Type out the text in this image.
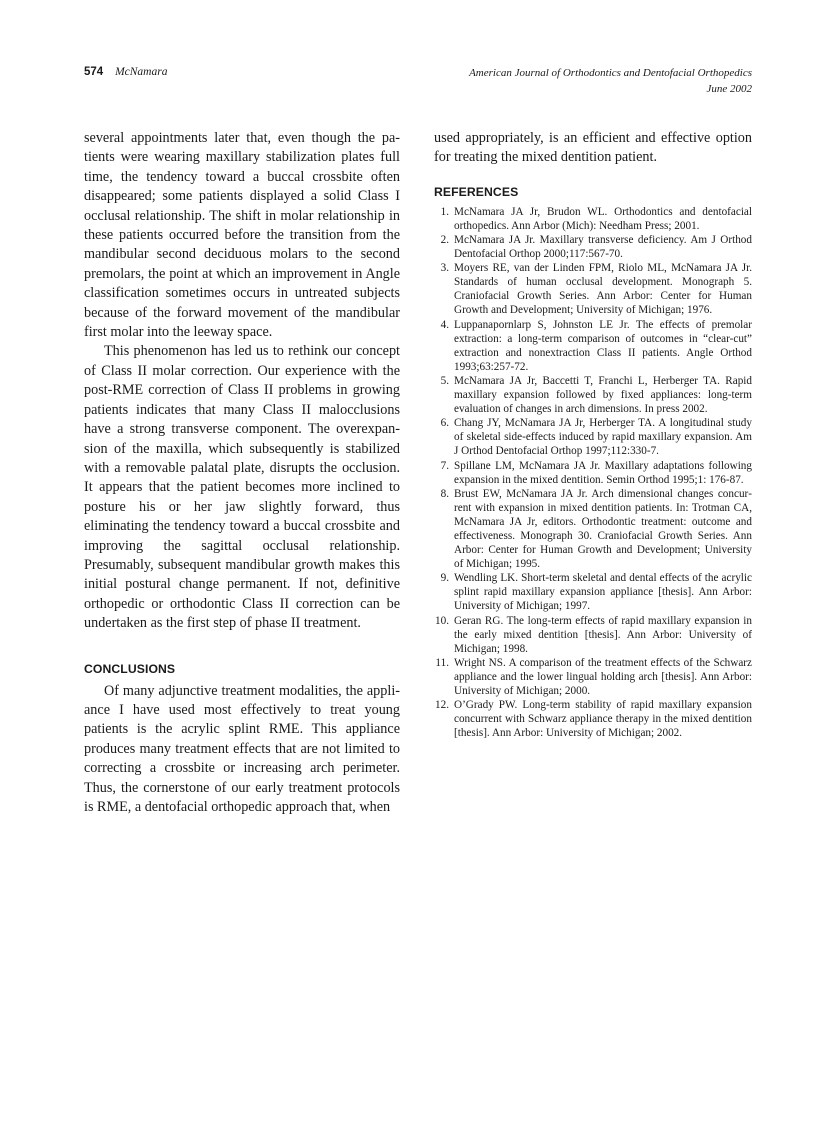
574 McNamara	American Journal of Orthodontics and Dentofacial Orthopedics
June 2002

several appointments later that, even though the patients were wearing maxillary stabilization plates full time, the tendency toward a buccal crossbite often disappeared; some patients displayed a solid Class I occlusal relationship. The shift in molar relationship in these patients occurred before the transition from the mandibular second deciduous molars to the second premolars, the point at which an improvement in Angle classification sometimes occurs in untreated subjects because of the forward movement of the mandibular first molar into the leeway space.

This phenomenon has led us to rethink our concept of Class II molar correction. Our experience with the post-RME correction of Class II problems in growing patients indicates that many Class II malocclusions have a strong transverse component. The overexpansion of the maxilla, which subsequently is stabilized with a removable palatal plate, disrupts the occlusion. It appears that the patient becomes more inclined to posture his or her jaw slightly forward, thus eliminating the tendency toward a buccal crossbite and improving the sagittal occlusal relationship. Presumably, subsequent mandibular growth makes this initial postural change permanent. If not, definitive orthopedic or orthodontic Class II correction can be undertaken as the first step of phase II treatment.

CONCLUSIONS

Of many adjunctive treatment modalities, the appliance I have used most effectively to treat young patients is the acrylic splint RME. This appliance produces many treatment effects that are not limited to correcting a crossbite or increasing arch perimeter. Thus, the cornerstone of our early treatment protocols is RME, a dentofacial orthopedic approach that, when

used appropriately, is an efficient and effective option for treating the mixed dentition patient.

REFERENCES
1. McNamara JA Jr, Brudon WL. Orthodontics and dentofacial orthopedics. Ann Arbor (Mich): Needham Press; 2001.
2. McNamara JA Jr. Maxillary transverse deficiency. Am J Orthod Dentofacial Orthop 2000;117:567-70.
3. Moyers RE, van der Linden FPM, Riolo ML, McNamara JA Jr. Standards of human occlusal development. Monograph 5. Craniofacial Growth Series. Ann Arbor: Center for Human Growth and Development; University of Michigan; 1976.
4. Luppanapornlarp S, Johnston LE Jr. The effects of premolar extraction: a long-term comparison of outcomes in “clear-cut” extraction and nonextraction Class II patients. Angle Orthod 1993;63:257-72.
5. McNamara JA Jr, Baccetti T, Franchi L, Herberger TA. Rapid maxillary expansion followed by fixed appliances: long-term evaluation of changes in arch dimensions. In press 2002.
6. Chang JY, McNamara JA Jr, Herberger TA. A longitudinal study of skeletal side-effects induced by rapid maxillary expansion. Am J Orthod Dentofacial Orthop 1997;112:330-7.
7. Spillane LM, McNamara JA Jr. Maxillary adaptations following expansion in the mixed dentition. Semin Orthod 1995;1: 176-87.
8. Brust EW, McNamara JA Jr. Arch dimensional changes concurrent with expansion in mixed dentition patients. In: Trotman CA, McNamara JA Jr, editors. Orthodontic treatment: outcome and effectiveness. Monograph 30. Craniofacial Growth Series. Ann Arbor: Center for Human Growth and Development; University of Michigan; 1995.
9. Wendling LK. Short-term skeletal and dental effects of the acrylic splint rapid maxillary expansion appliance [thesis]. Ann Arbor: University of Michigan; 1997.
10. Geran RG. The long-term effects of rapid maxillary expansion in the early mixed dentition [thesis]. Ann Arbor: University of Michigan; 1998.
11. Wright NS. A comparison of the treatment effects of the Schwarz appliance and the lower lingual holding arch [thesis]. Ann Arbor: University of Michigan; 2000.
12. O’Grady PW. Long-term stability of rapid maxillary expansion concurrent with Schwarz appliance therapy in the mixed dentition [thesis]. Ann Arbor: University of Michigan; 2002.
